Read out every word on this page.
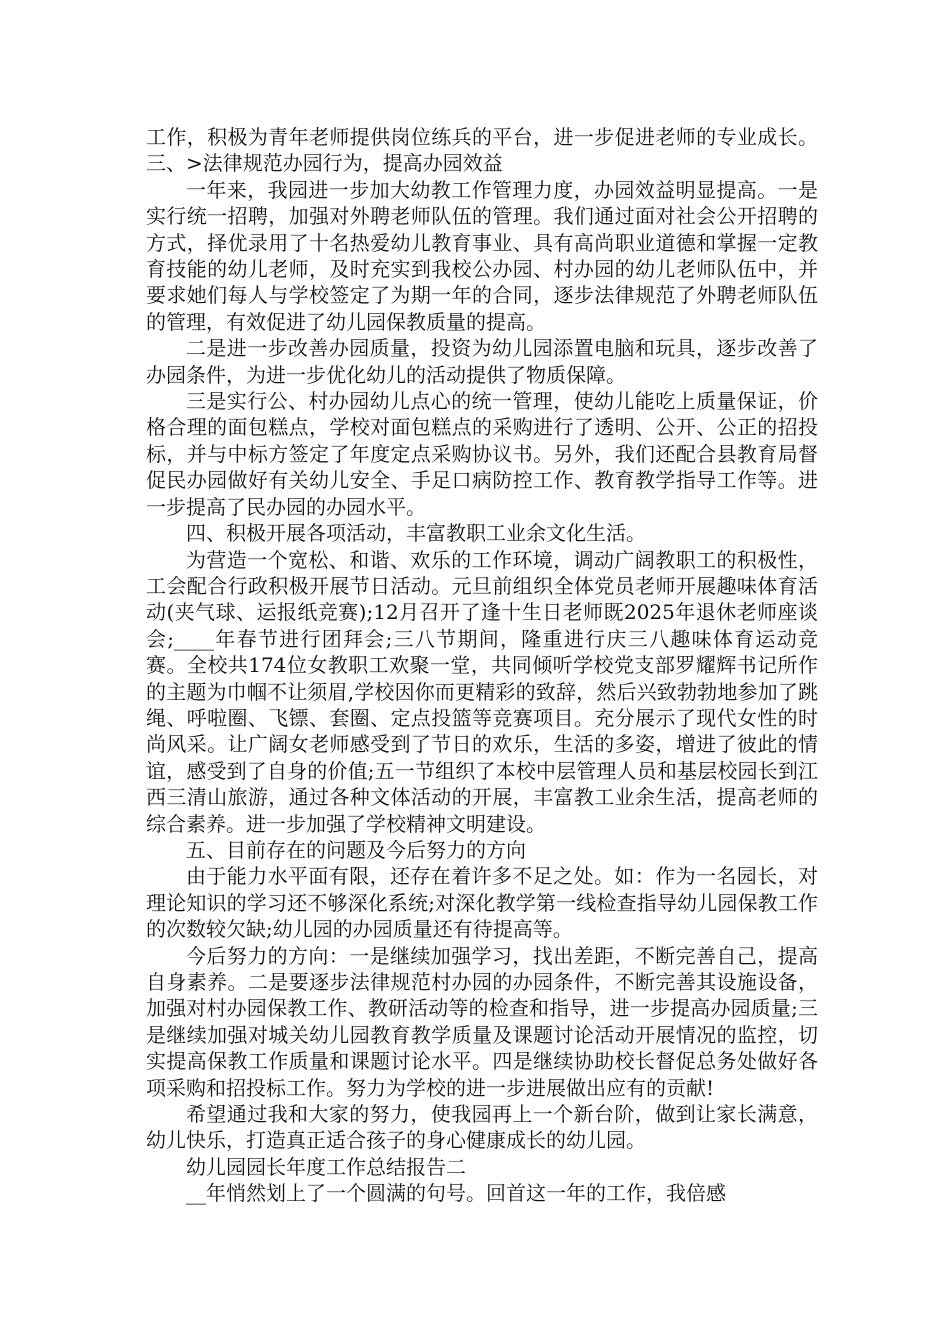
工作，积极为青年老师提供岗位练兵的平台，进一步促进老师的专业成长。三、>法律规范办园行为，提高办园效益

一年来，我园进一步加大幼教工作管理力度，办园效益明显提高。一是实行统一招聘，加强对外聘老师队伍的管理。我们通过面对社会公开招聘的方式，择优录用了十名热爱幼儿教育事业、具有高尚职业道德和掌握一定教育技能的幼儿老师，及时充实到我校公办园、村办园的幼儿老师队伍中，并要求她们每人与学校签定了为期一年的合同，逐步法律规范了外聘老师队伍的管理，有效促进了幼儿园保教质量的提高。

二是进一步改善办园质量，投资为幼儿园添置电脑和玩具，逐步改善了办园条件，为进一步优化幼儿的活动提供了物质保障。

三是实行公、村办园幼儿点心的统一管理，使幼儿能吃上质量保证，价格合理的面包糕点，学校对面包糕点的采购进行了透明、公开、公正的招投标，并与中标方签定了年度定点采购协议书。另外，我们还配合县教育局督促民办园做好有关幼儿安全、手足口病防控工作、教育教学指导工作等。进一步提高了民办园的办园水平。

四、积极开展各项活动，丰富教职工业余文化生活。

为营造一个宽松、和谐、欢乐的工作环境，调动广阔教职工的积极性，工会配合行政积极开展节日活动。元旦前组织全体党员老师开展趣味体育活动(夹气球、运报纸竞赛);12月召开了逢十生日老师既2025年退休老师座谈会;____年春节进行团拜会;三八节期间，隆重进行庆三八趣味体育运动竞赛。全校共174位女教职工欢聚一堂，共同倾听学校党支部罗耀辉书记所作的主题为巾帼不让须眉,学校因你而更精彩的致辞，然后兴致勃勃地参加了跳绳、呼啦圈、飞镖、套圈、定点投篮等竞赛项目。充分展示了现代女性的时尚风采。让广阔女老师感受到了节日的欢乐，生活的多姿，增进了彼此的情谊，感受到了自身的价值;五一节组织了本校中层管理人员和基层校园长到江西三清山旅游，通过各种文体活动的开展，丰富教工业余生活，提高老师的综合素养。进一步加强了学校精神文明建设。

五、目前存在的问题及今后努力的方向

由于能力水平面有限，还存在着许多不足之处。如：作为一名园长，对理论知识的学习还不够深化系统;对深化教学第一线检查指导幼儿园保教工作的次数较欠缺;幼儿园的办园质量还有待提高等。

今后努力的方向：一是继续加强学习，找出差距，不断完善自己，提高自身素养。二是要逐步法律规范村办园的办园条件，不断完善其设施设备，加强对村办园保教工作、教研活动等的检查和指导，进一步提高办园质量;三是继续加强对城关幼儿园教育教学质量及课题讨论活动开展情况的监控，切实提高保教工作质量和课题讨论水平。四是继续协助校长督促总务处做好各项采购和招投标工作。努力为学校的进一步进展做出应有的贡献!

希望通过我和大家的努力，使我园再上一个新台阶，做到让家长满意，幼儿快乐，打造真正适合孩子的身心健康成长的幼儿园。

幼儿园园长年度工作总结报告二

__年悄然划上了一个圆满的句号。回首这一年的工作，我倍感
